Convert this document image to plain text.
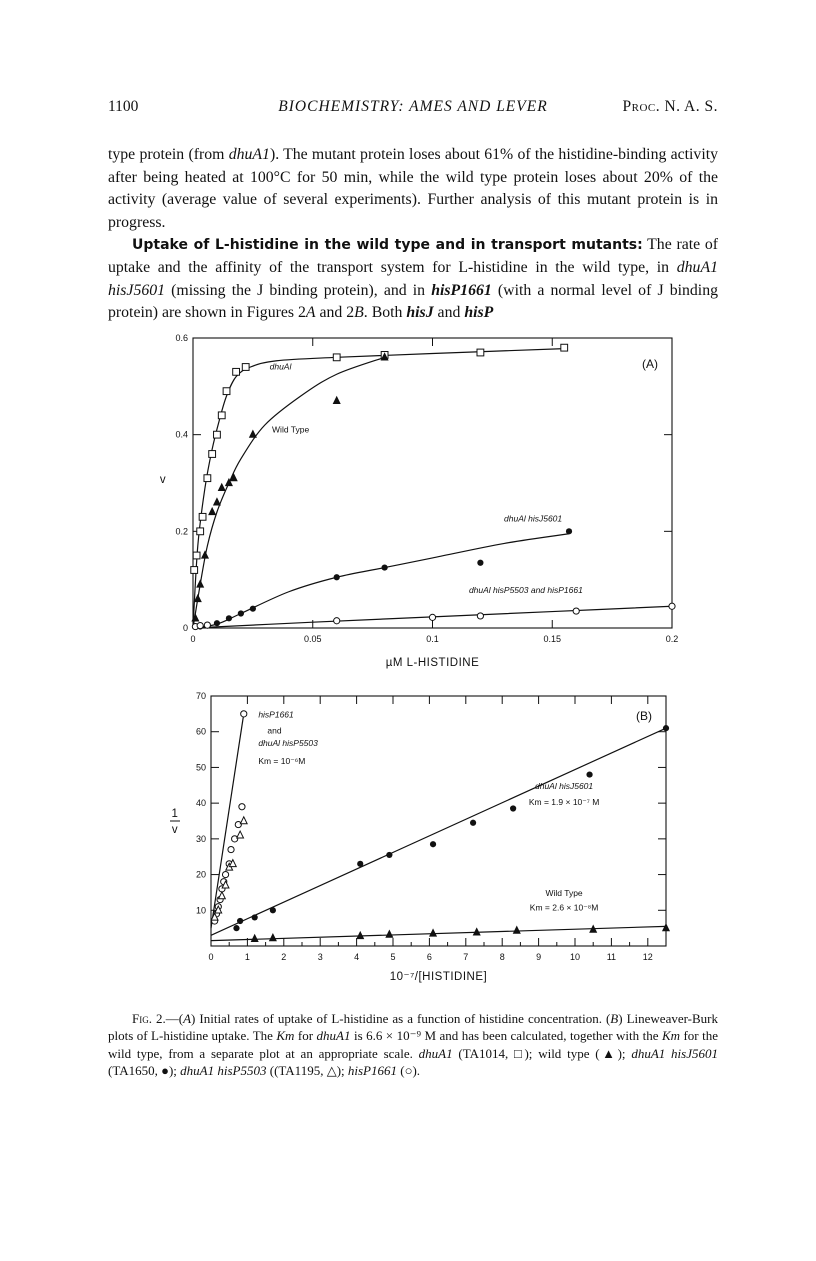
1100	BIOCHEMISTRY: AMES AND LEVER	Proc. N. A. S.

type protein (from dhuA1). The mutant protein loses about 61% of the histidine-binding activity after being heated at 100°C for 50 min, while the wild type protein loses about 20% of the activity (average value of several experiments). Further analysis of this mutant protein is in progress.

Uptake of L-histidine in the wild type and in transport mutants: The rate of uptake and the affinity of the transport system for L-histidine in the wild type, in dhuA1 hisJ5601 (missing the J binding protein), and in hisP1661 (with a normal level of J binding protein) are shown in Figures 2A and 2B. Both hisJ and hisP

0	0.05	0.1	0.15	0.2
0
0.2
0.4
0.6
µM L-HISTIDINE
v
(A)
dhuAl
Wild Type
dhuAl hisJ5601
dhuAl hisP5503 and hisP1661
0	1	2	3	4	5	6	7	8	9	10	11	12
10
20
30
40
50
60
70
10⁻⁷/[HISTIDINE]
1
v
(B)
hisP1661
and
dhuAl hisP5503
Km = 10⁻⁶M
dhuAl hisJ5601
Km = 1.9 × 10⁻⁷ M
Wild Type
Km = 2.6 × 10⁻⁸M

Fig. 2.—(A) Initial rates of uptake of L-histidine as a function of histidine concentration. (B) Lineweaver-Burk plots of L-histidine uptake. The Km for dhuA1 is 6.6 × 10⁻⁹ M and has been calculated, together with the Km for the wild type, from a separate plot at an appropriate scale. dhuA1 (TA1014, □); wild type (▲); dhuA1 hisJ5601 (TA1650, ●); dhuA1 hisP5503 ((TA1195, △); hisP1661 (○).
